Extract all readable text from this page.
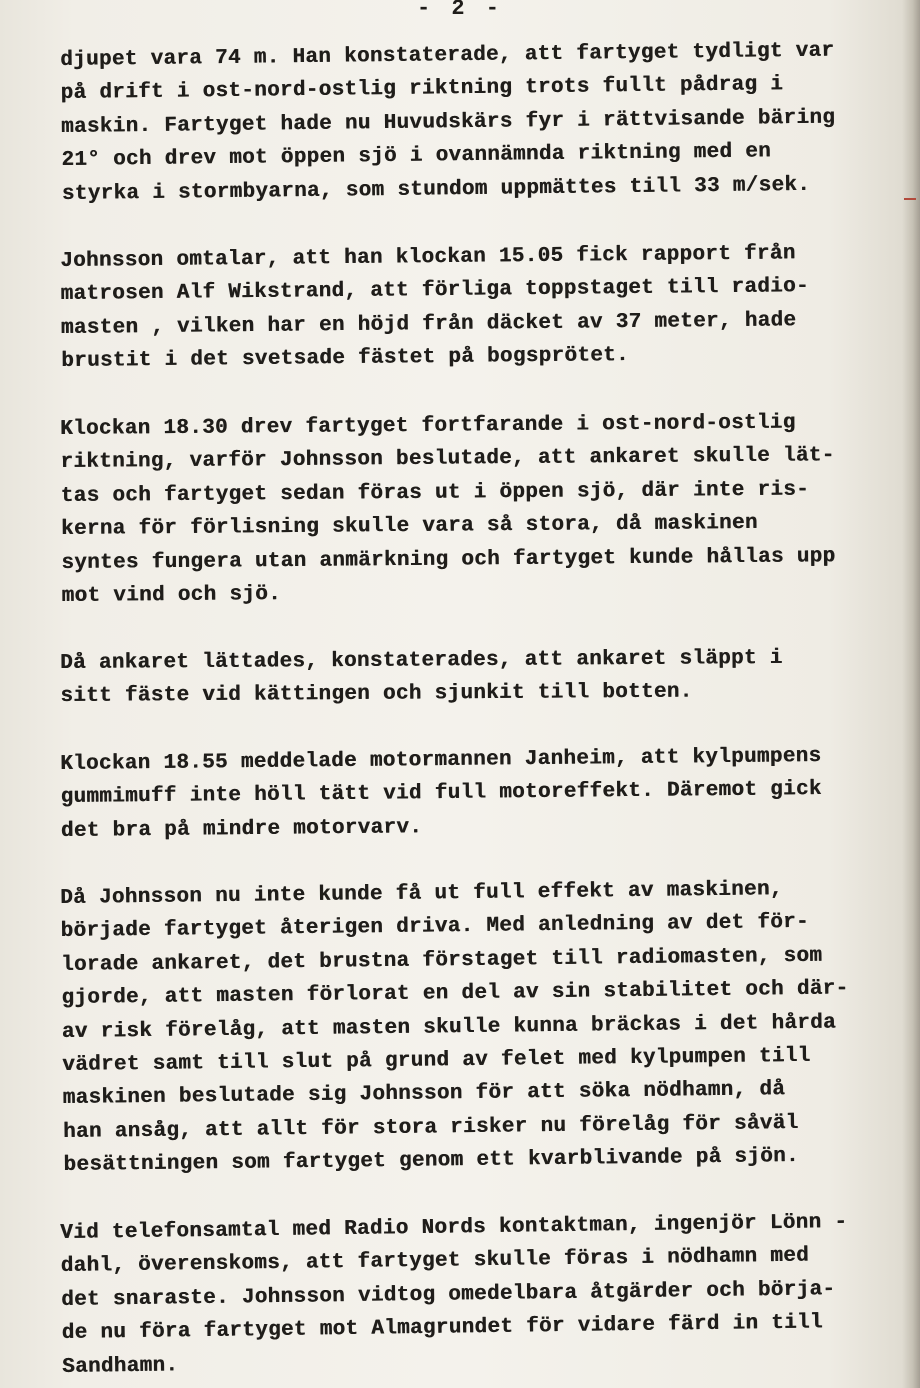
- 2 -
djupet vara 74 m. Han konstaterade, att fartyget tydligt var
på drift i ost-nord-ostlig riktning trots fullt pådrag i
maskin. Fartyget hade nu Huvudskärs fyr i rättvisande bäring
21° och drev mot öppen sjö i ovannämnda riktning med en
styrka i stormbyarna, som stundom uppmättes till 33 m/sek.
Johnsson omtalar, att han klockan 15.05 fick rapport från
matrosen Alf Wikstrand, att förliga toppstaget till radio-
masten , vilken har en höjd från däcket av 37 meter, hade
brustit i det svetsade fästet på bogsprötet.
Klockan 18.30 drev fartyget fortfarande i ost-nord-ostlig
riktning, varför Johnsson beslutade, att ankaret skulle lät-
tas och fartyget sedan föras ut i öppen sjö, där inte ris-
kerna för förlisning skulle vara så stora, då maskinen
syntes fungera utan anmärkning och fartyget kunde hållas upp
mot vind och sjö.
Då ankaret lättades, konstaterades, att ankaret släppt i
sitt fäste vid kättingen och sjunkit till botten.
Klockan 18.55 meddelade motormannen Janheim, att kylpumpens
gummimuff inte höll tätt vid full motoreffekt. Däremot gick
det bra på mindre motorvarv.
Då Johnsson nu inte kunde få ut full effekt av maskinen,
började fartyget återigen driva. Med anledning av det för-
lorade ankaret, det brustna förstaget till radiomasten, som
gjorde, att masten förlorat en del av sin stabilitet och där-
av risk förelåg, att masten skulle kunna bräckas i det hårda
vädret samt till slut på grund av felet med kylpumpen till
maskinen beslutade sig Johnsson för att söka nödhamn, då
han ansåg, att allt för stora risker nu förelåg för såväl
besättningen som fartyget genom ett kvarblivande på sjön.
Vid telefonsamtal med Radio Nords kontaktman, ingenjör Lönn -
dahl, överenskoms, att fartyget skulle föras i nödhamn med
det snaraste. Johnsson vidtog omedelbara åtgärder och börja-
de nu föra fartyget mot Almagrundet för vidare färd in till
Sandhamn.
